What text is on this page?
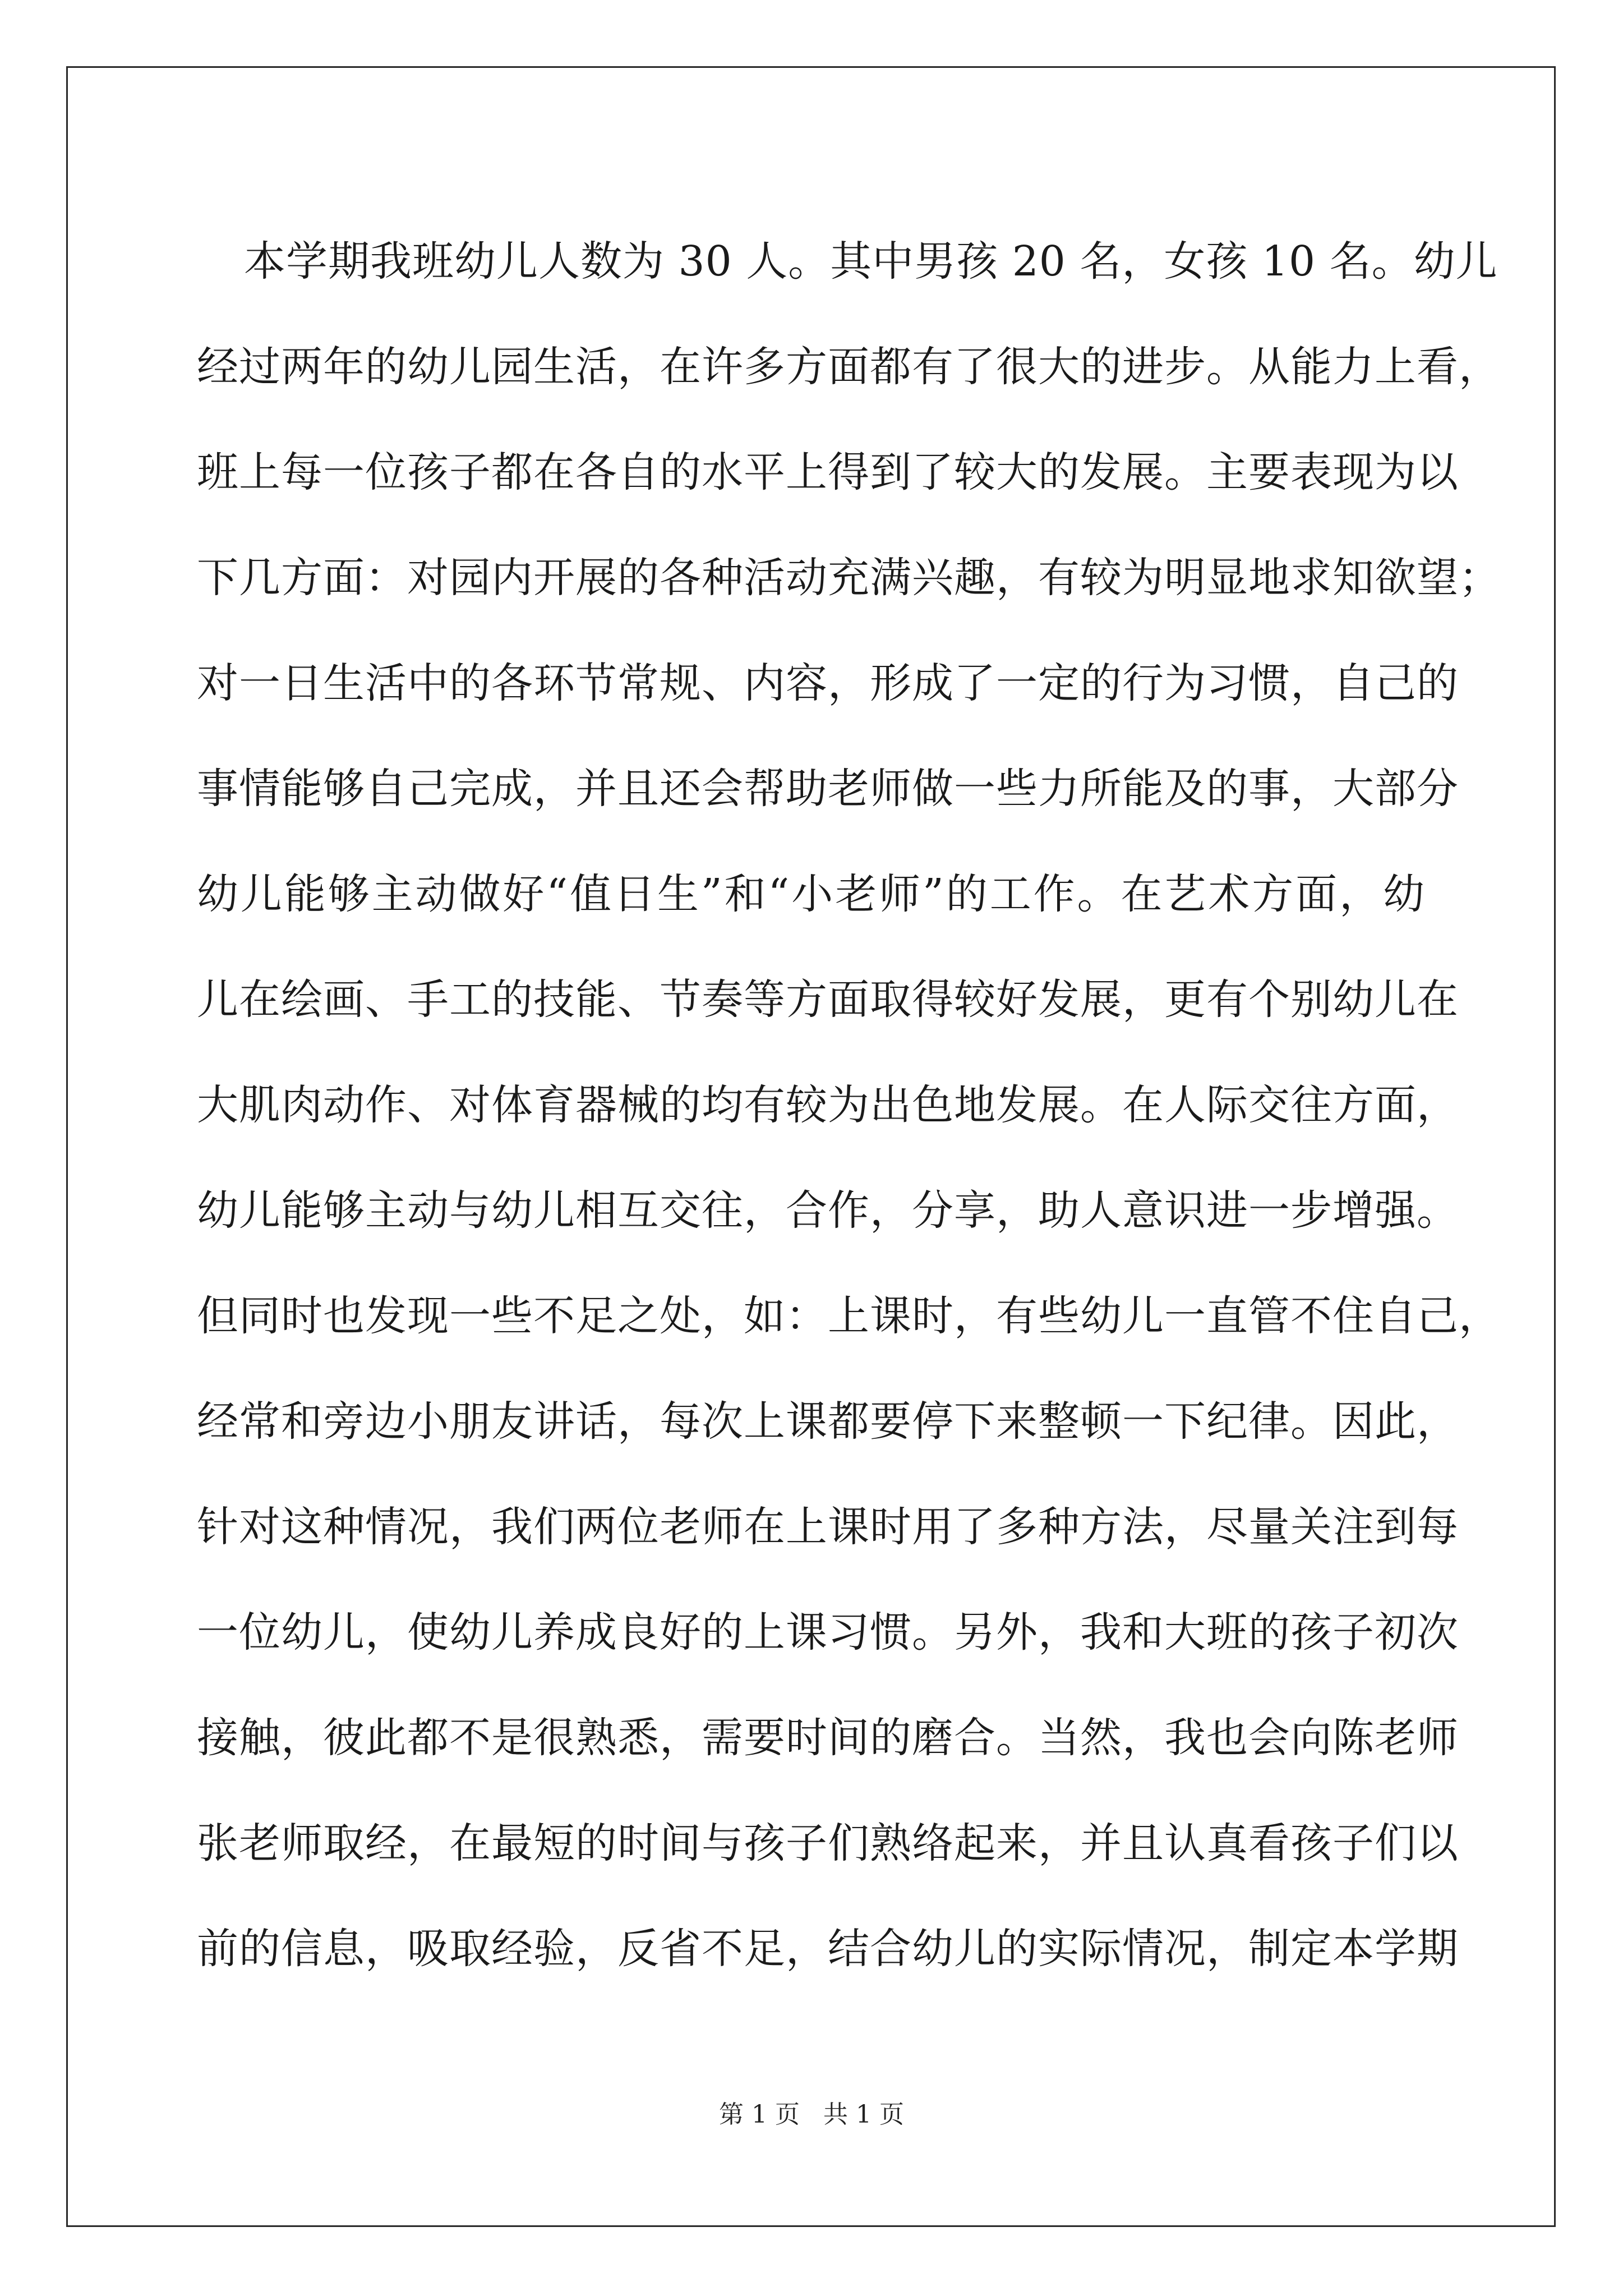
本学期我班幼儿人数为 30 人。其中男孩 20 名，女孩 10 名。幼儿
经过两年的幼儿园生活，在许多方面都有了很大的进步。从能力上看，
班上每一位孩子都在各自的水平上得到了较大的发展。主要表现为以
下几方面：对园内开展的各种活动充满兴趣，有较为明显地求知欲望；
对一日生活中的各环节常规、内容，形成了一定的行为习惯，自己的
事情能够自己完成，并且还会帮助老师做一些力所能及的事，大部分
幼儿能够主动做好“值日生”和“小老师”的工作。在艺术方面，幼
儿在绘画、手工的技能、节奏等方面取得较好发展，更有个别幼儿在
大肌肉动作、对体育器械的均有较为出色地发展。在人际交往方面，
幼儿能够主动与幼儿相互交往，合作，分享，助人意识进一步增强。
但同时也发现一些不足之处，如：上课时，有些幼儿一直管不住自己，
经常和旁边小朋友讲话，每次上课都要停下来整顿一下纪律。因此，
针对这种情况，我们两位老师在上课时用了多种方法，尽量关注到每
一位幼儿，使幼儿养成良好的上课习惯。另外，我和大班的孩子初次
接触，彼此都不是很熟悉，需要时间的磨合。当然，我也会向陈老师
张老师取经，在最短的时间与孩子们熟络起来，并且认真看孩子们以
前的信息，吸取经验，反省不足，结合幼儿的实际情况，制定本学期
第 1 页   共 1 页
